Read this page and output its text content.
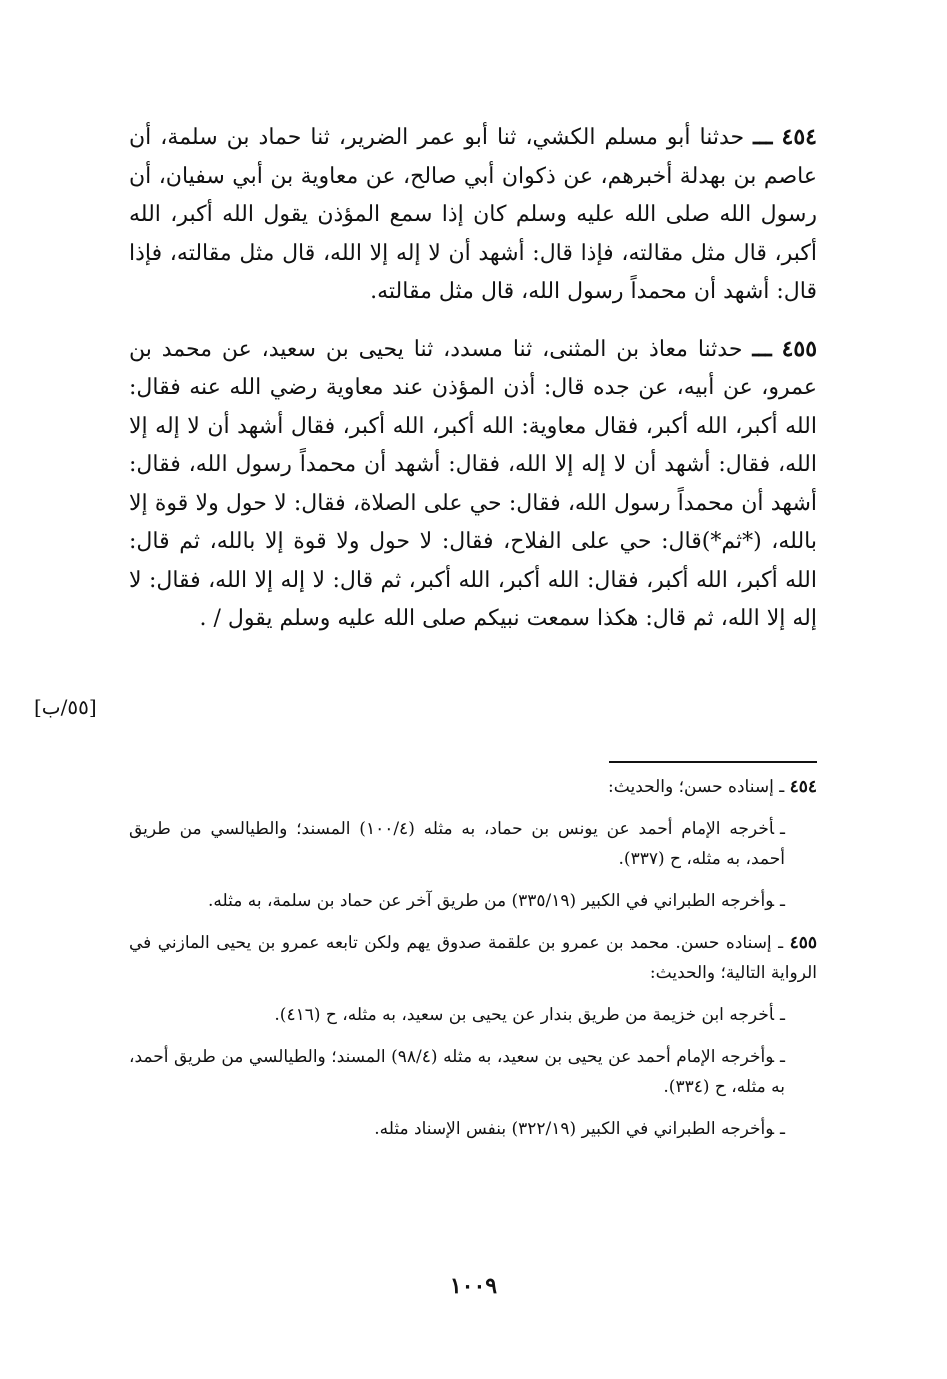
٤٥٤ ـــ حدثنا أبو مسلم الكشي، ثنا أبو عمر الضرير، ثنا حماد بن سلمة، أن عاصم بن بهدلة أخبرهم، عن ذكوان أبي صالح، عن معاوية بن أبي سفيان، أن رسول الله صلى الله عليه وسلم كان إذا سمع المؤذن يقول الله أكبر، الله أكبر، قال مثل مقالته، فإذا قال: أشهد أن لا إله إلا الله، قال مثل مقالته، فإذا قال: أشهد أن محمداً رسول الله، قال مثل مقالته.

٤٥٥ ـــ حدثنا معاذ بن المثنى، ثنا مسدد، ثنا يحيى بن سعيد، عن محمد بن عمرو، عن أبيه، عن جده قال: أذن المؤذن عند معاوية رضي الله عنه فقال: الله أكبر، الله أكبر، فقال معاوية: الله أكبر، الله أكبر، فقال أشهد أن لا إله إلا الله، فقال: أشهد أن لا إله إلا الله، فقال: أشهد أن محمداً رسول الله، فقال: أشهد أن محمداً رسول الله، فقال: حي على الصلاة، فقال: لا حول ولا قوة إلا بالله، (*ثم*)قال: حي على الفلاح، فقال: لا حول ولا قوة إلا بالله، ثم قال: الله أكبر، الله أكبر، فقال: الله أكبر، الله أكبر، ثم قال: لا إله إلا الله، فقال: لا إله إلا الله، ثم قال: هكذا سمعت نبيكم صلى الله عليه وسلم يقول / .

[٥٥/ب]
٤٥٤ ـ إسناده حسن؛ والحديث:
ـأخرجه الإمام أحمد عن يونس بن حماد، به مثله (١٠٠/٤) المسند؛ والطيالسي من طريق أحمد، به مثله، ح (٣٣٧).
ـوأخرجه الطبراني في الكبير (٣٣٥/١٩) من طريق آخر عن حماد بن سلمة، به مثله.
٤٥٥ ـ إسناده حسن. محمد بن عمرو بن علقمة صدوق يهم ولكن تابعه عمرو بن يحيى المازني في الرواية التالية؛ والحديث:
ـأخرجه ابن خزيمة من طريق بندار عن يحيى بن سعيد، به مثله، ح (٤١٦).
ـوأخرجه الإمام أحمد عن يحيى بن سعيد، به مثله (٩٨/٤) المسند؛ والطيالسي من طريق أحمد، به مثله، ح (٣٣٤).
ـوأخرجه الطبراني في الكبير (٣٢٢/١٩) بنفس الإسناد مثله.
١٠٠٩
